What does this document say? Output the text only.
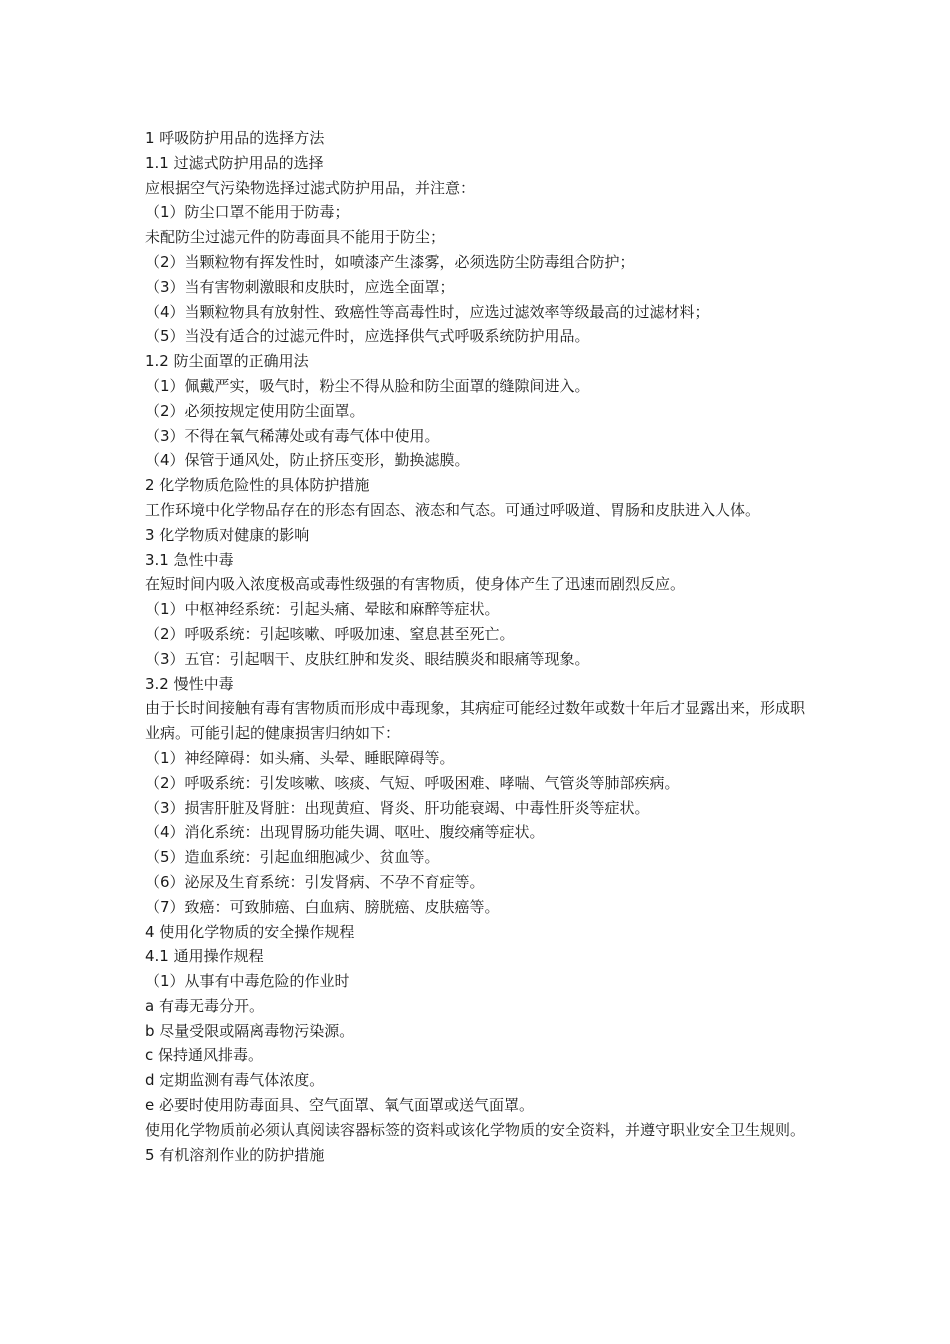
1 呼吸防护用品的选择方法

1.1 过滤式防护用品的选择

应根据空气污染物选择过滤式防护用品，并注意：

（1）防尘口罩不能用于防毒；

未配防尘过滤元件的防毒面具不能用于防尘；

（2）当颗粒物有挥发性时，如喷漆产生漆雾，必须选防尘防毒组合防护；

（3）当有害物刺激眼和皮肤时，应选全面罩；

（4）当颗粒物具有放射性、致癌性等高毒性时，应选过滤效率等级最高的过滤材料；

（5）当没有适合的过滤元件时，应选择供气式呼吸系统防护用品。

1.2 防尘面罩的正确用法

（1）佩戴严实，吸气时，粉尘不得从脸和防尘面罩的缝隙间进入。

（2）必须按规定使用防尘面罩。

（3）不得在氧气稀薄处或有毒气体中使用。

（4）保管于通风处，防止挤压变形，勤换滤膜。

2 化学物质危险性的具体防护措施

工作环境中化学物品存在的形态有固态、液态和气态。可通过呼吸道、胃肠和皮肤进入人体。

3 化学物质对健康的影响

3.1 急性中毒

在短时间内吸入浓度极高或毒性级强的有害物质，使身体产生了迅速而剧烈反应。

（1）中枢神经系统：引起头痛、晕眩和麻醉等症状。

（2）呼吸系统：引起咳嗽、呼吸加速、窒息甚至死亡。

（3）五官：引起咽干、皮肤红肿和发炎、眼结膜炎和眼痛等现象。

3.2 慢性中毒

由于长时间接触有毒有害物质而形成中毒现象，其病症可能经过数年或数十年后才显露出来，形成职业病。可能引起的健康损害归纳如下：

（1）神经障碍：如头痛、头晕、睡眠障碍等。

（2）呼吸系统：引发咳嗽、咳痰、气短、呼吸困难、哮喘、气管炎等肺部疾病。

（3）损害肝脏及肾脏：出现黄疸、肾炎、肝功能衰竭、中毒性肝炎等症状。

（4）消化系统：出现胃肠功能失调、呕吐、腹绞痛等症状。

（5）造血系统：引起血细胞减少、贫血等。

（6）泌尿及生育系统：引发肾病、不孕不育症等。

（7）致癌：可致肺癌、白血病、膀胱癌、皮肤癌等。

4 使用化学物质的安全操作规程

4.1 通用操作规程

（1）从事有中毒危险的作业时

a 有毒无毒分开。

b 尽量受限或隔离毒物污染源。

c 保持通风排毒。

d 定期监测有毒气体浓度。

e 必要时使用防毒面具、空气面罩、氧气面罩或送气面罩。

使用化学物质前必须认真阅读容器标签的资料或该化学物质的安全资料，并遵守职业安全卫生规则。

5 有机溶剂作业的防护措施
